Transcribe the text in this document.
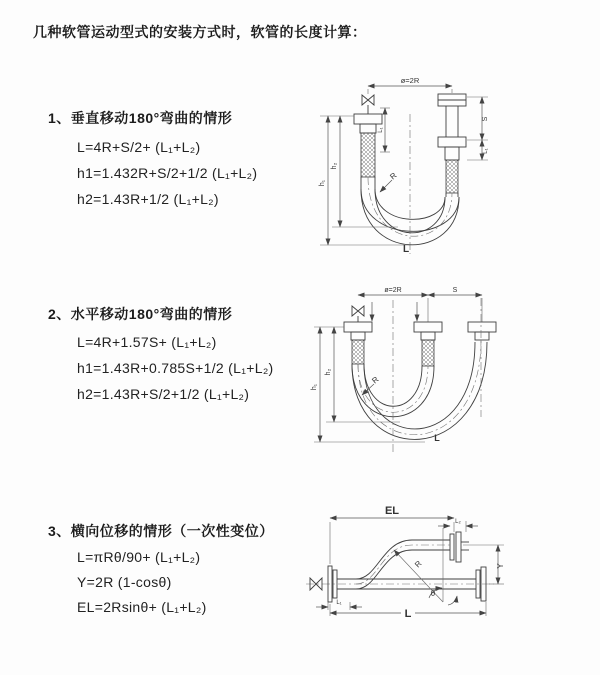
几种软管运动型式的安装方式时，软管的长度计算：
1、垂直移动180°弯曲的情形
L=4R+S/2+ (L₁+L₂)
h1=1.432R+S/2+1/2 (L₁+L₂)
h2=1.43R+1/2 (L₁+L₂)
2、水平移动180°弯曲的情形
L=4R+1.57S+ (L₁+L₂)
h1=1.43R+0.785S+1/2 (L₁+L₂)
h2=1.43R+S/2+1/2 (L₁+L₂)
3、横向位移的情形（一次性变位）
L=πRθ/90+ (L₁+L₂)
Y=2R (1-cosθ)
EL=2Rsinθ+ (L₁+L₂)
ø=2R
h₁
h₂
L₁
S
L₁
R
L
ø=2R	S
h₁
h₂
R
L
EL
L₂
Y
R
θ
L₁
L
